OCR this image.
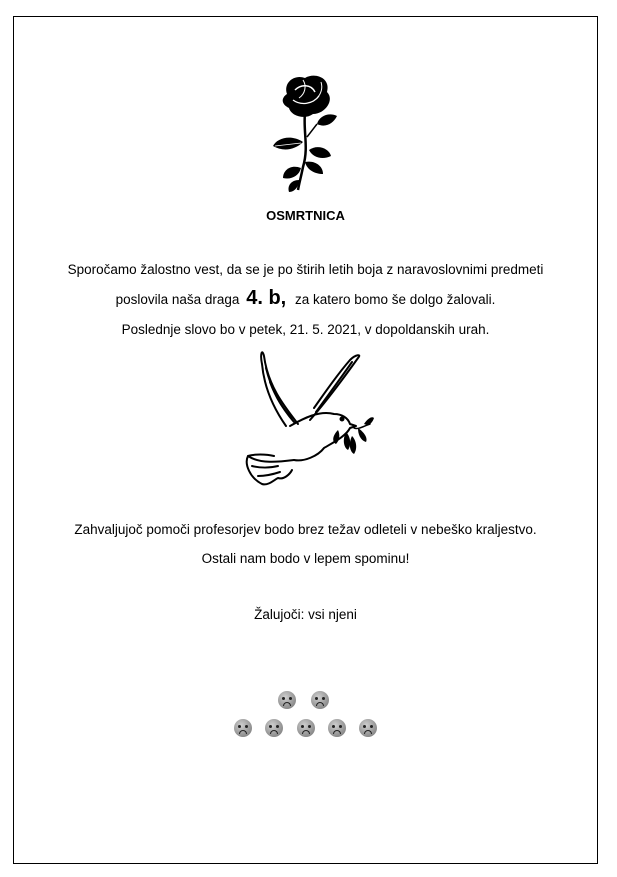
OSMRTNICA
Sporočamo žalostno vest, da se je po štirih letih boja z naravoslovnimi predmeti
poslovila naša draga 4. b, za katero bomo še dolgo žalovali.
Poslednje slovo bo v petek, 21. 5. 2021, v dopoldanskih urah.
Zahvaljujoč pomoči profesorjev bodo brez težav odleteli v nebeško kraljestvo.
Ostali nam bodo v lepem spominu!
Žalujoči: vsi njeni
